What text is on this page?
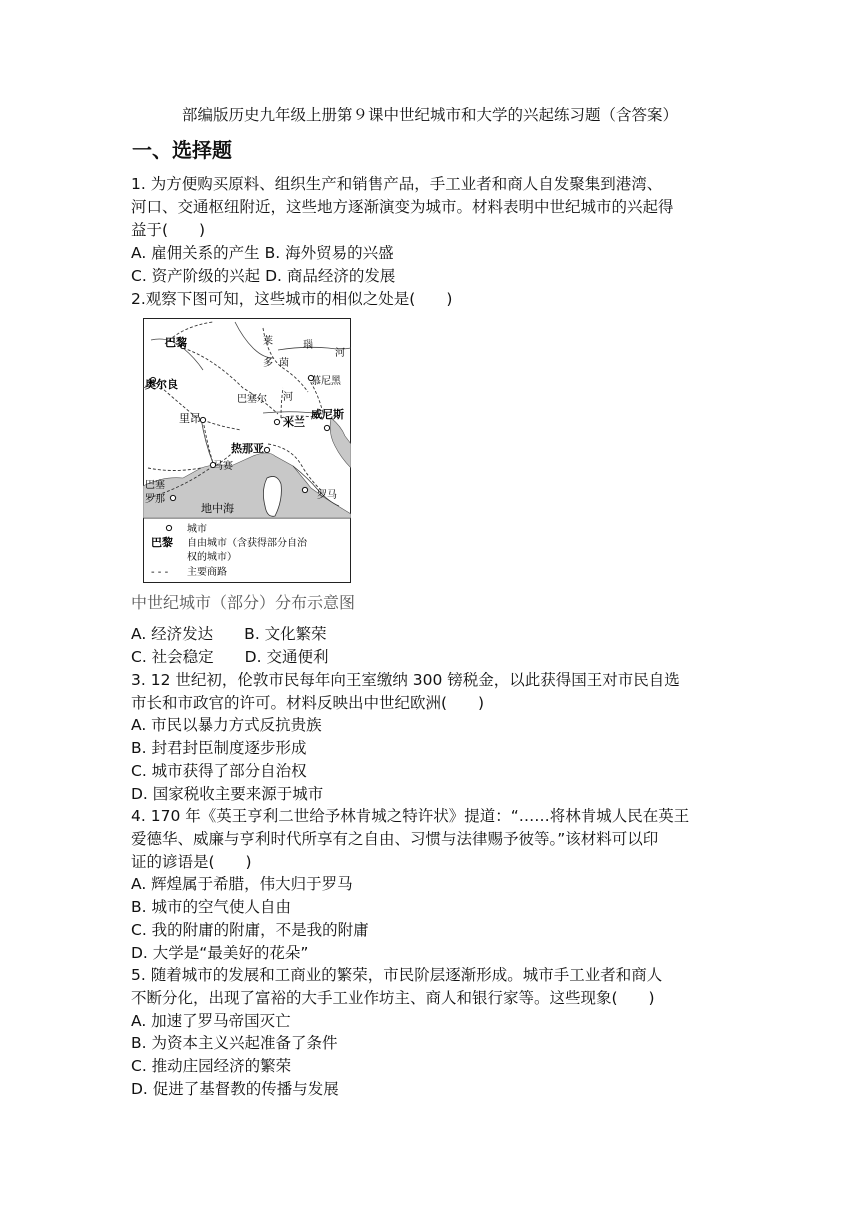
部编版历史九年级上册第９课中世纪城市和大学的兴起练习题（含答案）
一、选择题
1. 为方便购买原料、组织生产和销售产品，手工业者和商人自发聚集到港湾、
河口、交通枢纽附近，这些地方逐渐演变为城市。材料表明中世纪城市的兴起得
益于(　　)
A. 雇佣关系的产生 B. 海外贸易的兴盛
C. 资产阶级的兴起 D. 商品经济的发展
2.观察下图可知，这些城市的相似之处是(　　)
巴黎
奥尔良
里昂
马赛
巴塞
罗那
热那亚
米兰
威尼斯
慕尼黑
罗马
地中海
莱
多 茵
瑙
河
巴塞尔 河
城市
巴黎 自由城市（含获得部分自治
权的城市）
- - - 主要商路
中世纪城市（部分）分布示意图
A. 经济发达　　B. 文化繁荣
C. 社会稳定　　D. 交通便利
3. 12 世纪初，伦敦市民每年向王室缴纳 300 镑税金，以此获得国王对市民自选
市长和市政官的许可。材料反映出中世纪欧洲(　　)
A. 市民以暴力方式反抗贵族
B. 封君封臣制度逐步形成
C. 城市获得了部分自治权
D. 国家税收主要来源于城市
4. 170 年《英王亨利二世给予林肯城之特许状》提道：“……将林肯城人民在英王
爱德华、威廉与亨利时代所享有之自由、习惯与法律赐予彼等。”该材料可以印
证的谚语是(　　)
A. 辉煌属于希腊，伟大归于罗马
B. 城市的空气使人自由
C. 我的附庸的附庸，不是我的附庸
D. 大学是“最美好的花朵”
5. 随着城市的发展和工商业的繁荣，市民阶层逐渐形成。城市手工业者和商人
不断分化，出现了富裕的大手工业作坊主、商人和银行家等。这些现象(　　)
A. 加速了罗马帝国灭亡
B. 为资本主义兴起准备了条件
C. 推动庄园经济的繁荣
D. 促进了基督教的传播与发展
